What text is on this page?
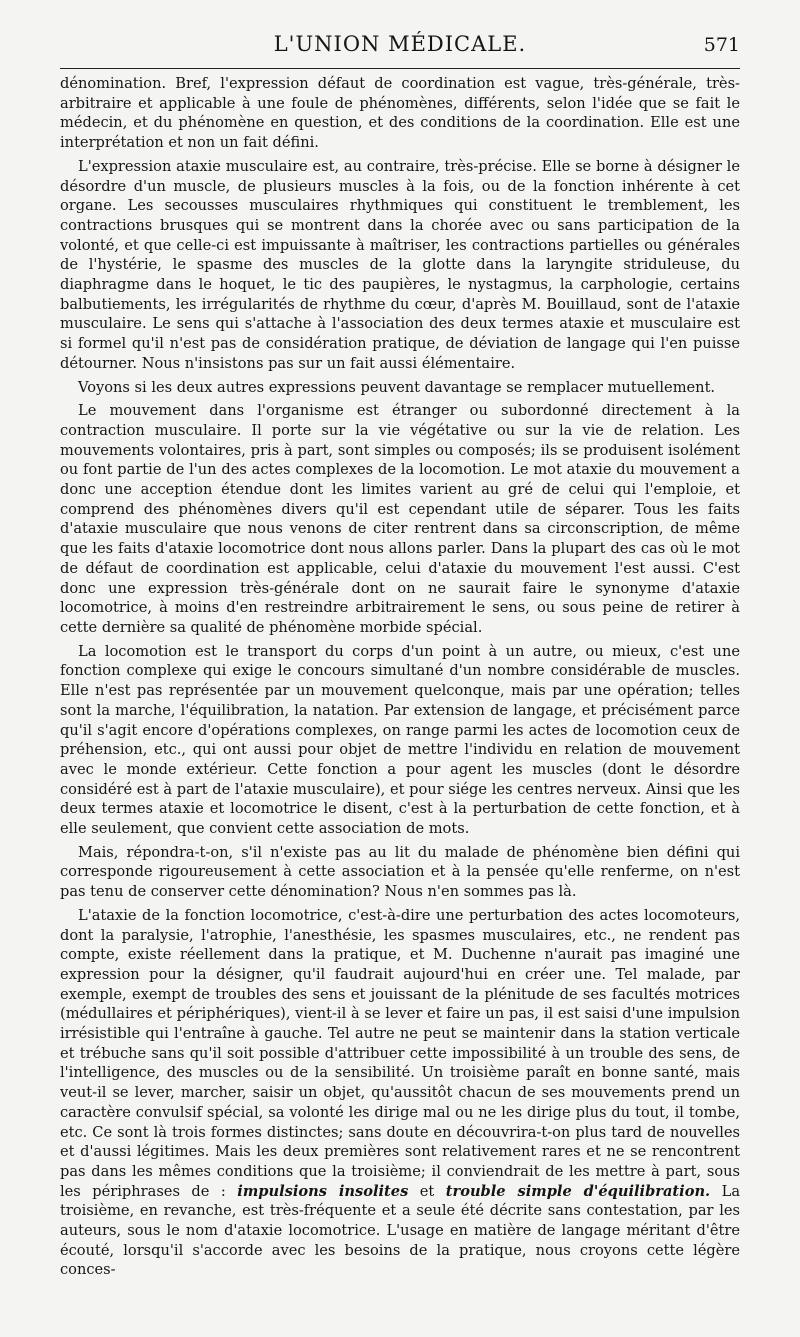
L'UNION MÉDICALE.	571

dénomination. Bref, l'expression défaut de coordination est vague, très-générale, très-arbitraire et applicable à une foule de phénomènes, différents, selon l'idée que se fait le médecin, et du phénomène en question, et des conditions de la coordination. Elle est une interprétation et non un fait défini.

L'expression ataxie musculaire est, au contraire, très-précise. Elle se borne à désigner le désordre d'un muscle, de plusieurs muscles à la fois, ou de la fonction inhérente à cet organe. Les secousses musculaires rhythmiques qui constituent le tremblement, les contractions brusques qui se montrent dans la chorée avec ou sans participation de la volonté, et que celle-ci est impuissante à maîtriser, les contractions partielles ou générales de l'hystérie, le spasme des muscles de la glotte dans la laryngite striduleuse, du diaphragme dans le hoquet, le tic des paupières, le nystagmus, la carphologie, certains balbutiements, les irrégularités de rhythme du cœur, d'après M. Bouillaud, sont de l'ataxie musculaire. Le sens qui s'attache à l'association des deux termes ataxie et musculaire est si formel qu'il n'est pas de considération pratique, de déviation de langage qui l'en puisse détourner. Nous n'insistons pas sur un fait aussi élémentaire.

Voyons si les deux autres expressions peuvent davantage se remplacer mutuellement.

Le mouvement dans l'organisme est étranger ou subordonné directement à la contraction musculaire. Il porte sur la vie végétative ou sur la vie de relation. Les mouvements volontaires, pris à part, sont simples ou composés; ils se produisent isolément ou font partie de l'un des actes complexes de la locomotion. Le mot ataxie du mouvement a donc une acception étendue dont les limites varient au gré de celui qui l'emploie, et comprend des phénomènes divers qu'il est cependant utile de séparer. Tous les faits d'ataxie musculaire que nous venons de citer rentrent dans sa circonscription, de même que les faits d'ataxie locomotrice dont nous allons parler. Dans la plupart des cas où le mot de défaut de coordination est applicable, celui d'ataxie du mouvement l'est aussi. C'est donc une expression très-générale dont on ne saurait faire le synonyme d'ataxie locomotrice, à moins d'en restreindre arbitrairement le sens, ou sous peine de retirer à cette dernière sa qualité de phénomène morbide spécial.

La locomotion est le transport du corps d'un point à un autre, ou mieux, c'est une fonction complexe qui exige le concours simultané d'un nombre considérable de muscles. Elle n'est pas représentée par un mouvement quelconque, mais par une opération; telles sont la marche, l'équilibration, la natation. Par extension de langage, et précisément parce qu'il s'agit encore d'opérations complexes, on range parmi les actes de locomotion ceux de préhension, etc., qui ont aussi pour objet de mettre l'individu en relation de mouvement avec le monde extérieur. Cette fonction a pour agent les muscles (dont le désordre considéré est à part de l'ataxie musculaire), et pour siége les centres nerveux. Ainsi que les deux termes ataxie et locomotrice le disent, c'est à la perturbation de cette fonction, et à elle seulement, que convient cette association de mots.

Mais, répondra-t-on, s'il n'existe pas au lit du malade de phénomène bien défini qui corresponde rigoureusement à cette association et à la pensée qu'elle renferme, on n'est pas tenu de conserver cette dénomination? Nous n'en sommes pas là.

L'ataxie de la fonction locomotrice, c'est-à-dire une perturbation des actes locomoteurs, dont la paralysie, l'atrophie, l'anesthésie, les spasmes musculaires, etc., ne rendent pas compte, existe réellement dans la pratique, et M. Duchenne n'aurait pas imaginé une expression pour la désigner, qu'il faudrait aujourd'hui en créer une. Tel malade, par exemple, exempt de troubles des sens et jouissant de la plénitude de ses facultés motrices (médullaires et périphériques), vient-il à se lever et faire un pas, il est saisi d'une impulsion irrésistible qui l'entraîne à gauche. Tel autre ne peut se maintenir dans la station verticale et trébuche sans qu'il soit possible d'attribuer cette impossibilité à un trouble des sens, de l'intelligence, des muscles ou de la sensibilité. Un troisième paraît en bonne santé, mais veut-il se lever, marcher, saisir un objet, qu'aussitôt chacun de ses mouvements prend un caractère convulsif spécial, sa volonté les dirige mal ou ne les dirige plus du tout, il tombe, etc. Ce sont là trois formes distinctes; sans doute en découvrira-t-on plus tard de nouvelles et d'aussi légitimes. Mais les deux premières sont relativement rares et ne se rencontrent pas dans les mêmes conditions que la troisième; il conviendrait de les mettre à part, sous les périphrases de : impulsions insolites et trouble simple d'équilibration. La troisième, en revanche, est très-fréquente et a seule été décrite sans contestation, par les auteurs, sous le nom d'ataxie locomotrice. L'usage en matière de langage méritant d'être écouté, lorsqu'il s'accorde avec les besoins de la pratique, nous croyons cette légère conces-
